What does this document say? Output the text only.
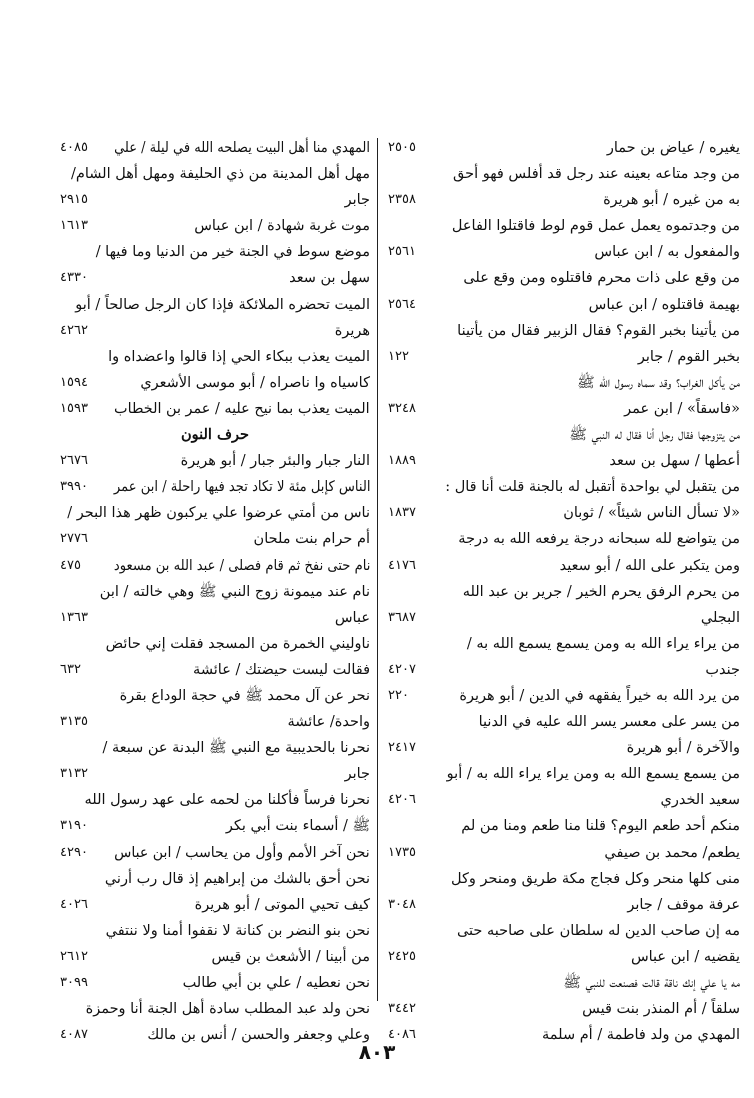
يغيره / عياض بن حمار
٢٥٠٥
من وجد متاعه بعينه عند رجل قد أفلس فهو أحق
به من غيره / أبو هريرة
٢٣٥٨
من وجدتموه يعمل عمل قوم لوط فاقتلوا الفاعل
والمفعول به / ابن عباس
٢٥٦١
من وقع على ذات محرم فاقتلوه ومن وقع على
بهيمة فاقتلوه / ابن عباس
٢٥٦٤
من يأتينا بخبر القوم؟ فقال الزبير فقال من يأتينا
بخبر القوم / جابر
١٢٢
من يأكل الغراب؟ وقد سماه رسول الله ﷺ
«فاسقاً» / ابن عمر
٣٢٤٨
من يتزوجها فقال رجل أنا فقال له النبي ﷺ
أعطها / سهل بن سعد
١٨٨٩
من يتقبل لي بواحدة أتقبل له بالجنة قلت أنا قال :
«لا تسأل الناس شيئاً» / ثوبان
١٨٣٧
من يتواضع لله سبحانه درجة يرفعه الله به درجة
ومن يتكبر على الله / أبو سعيد
٤١٧٦
من يحرم الرفق يحرم الخير / جرير بن عبد الله
البجلي
٣٦٨٧
من يراء يراء الله به ومن يسمع يسمع الله به /
جندب
٤٢٠٧
من يرد الله به خيراً يفقهه في الدين / أبو هريرة
٢٢٠
من يسر على معسر يسر الله عليه في الدنيا
والآخرة / أبو هريرة
٢٤١٧
من يسمع يسمع الله به ومن يراء يراء الله به / أبو
سعيد الخدري
٤٢٠٦
منكم أحد طعم اليوم؟ قلنا منا طعم ومنا من لم
يطعم/ محمد بن صيفي
١٧٣٥
منى كلها منحر وكل فجاج مكة طريق ومنحر وكل
عرفة موقف / جابر
٣٠٤٨
مه إن صاحب الدين له سلطان على صاحبه حتى
يقضيه / ابن عباس
٢٤٢٥
مه يا علي إنك ناقة قالت فصنعت للنبي ﷺ
سلقاً / أم المنذر بنت قيس
٣٤٤٢
المهدي من ولد فاطمة / أم سلمة
٤٠٨٦
المهدي منا أهل البيت يصلحه الله في ليلة / علي
٤٠٨٥
مهل أهل المدينة من ذي الحليفة ومهل أهل الشام/
جابر
٢٩١٥
موت غربة شهادة / ابن عباس
١٦١٣
موضع سوط في الجنة خير من الدنيا وما فيها /
سهل بن سعد
٤٣٣٠
الميت تحضره الملائكة فإذا كان الرجل صالحاً / أبو
هريرة
٤٢٦٢
الميت يعذب ببكاء الحي إذا قالوا واعضداه وا
كاسياه وا ناصراه / أبو موسى الأشعري
١٥٩٤
الميت يعذب بما نيح عليه / عمر بن الخطاب
١٥٩٣
حرف النون
النار جبار والبئر جبار / أبو هريرة
٢٦٧٦
الناس كإبل مئة لا تكاد تجد فيها راحلة / ابن عمر
٣٩٩٠
ناس من أمتي عرضوا علي يركبون ظهر هذا البحر /
أم حرام بنت ملحان
٢٧٧٦
نام حتى نفخ ثم قام فصلى / عبد الله بن مسعود
٤٧٥
نام عند ميمونة زوج النبي ﷺ وهي خالته / ابن
عباس
١٣٦٣
ناوليني الخمرة من المسجد فقلت إني حائض
فقالت ليست حيضتك / عائشة
٦٣٢
نحر عن آل محمد ﷺ في حجة الوداع بقرة
واحدة/ عائشة
٣١٣٥
نحرنا بالحديبية مع النبي ﷺ البدنة عن سبعة /
جابر
٣١٣٢
نحرنا فرساً فأكلنا من لحمه على عهد رسول الله
ﷺ / أسماء بنت أبي بكر
٣١٩٠
نحن آخر الأمم وأول من يحاسب / ابن عباس
٤٢٩٠
نحن أحق بالشك من إبراهيم إذ قال رب أرني
كيف تحيي الموتى / أبو هريرة
٤٠٢٦
نحن بنو النضر بن كنانة لا نقفوا أمنا ولا ننتفي
من أبينا / الأشعث بن قيس
٢٦١٢
نحن نعطيه / علي بن أبي طالب
٣٠٩٩
نحن ولد عبد المطلب سادة أهل الجنة أنا وحمزة
وعلي وجعفر والحسن / أنس بن مالك
٤٠٨٧
٨٠٣
